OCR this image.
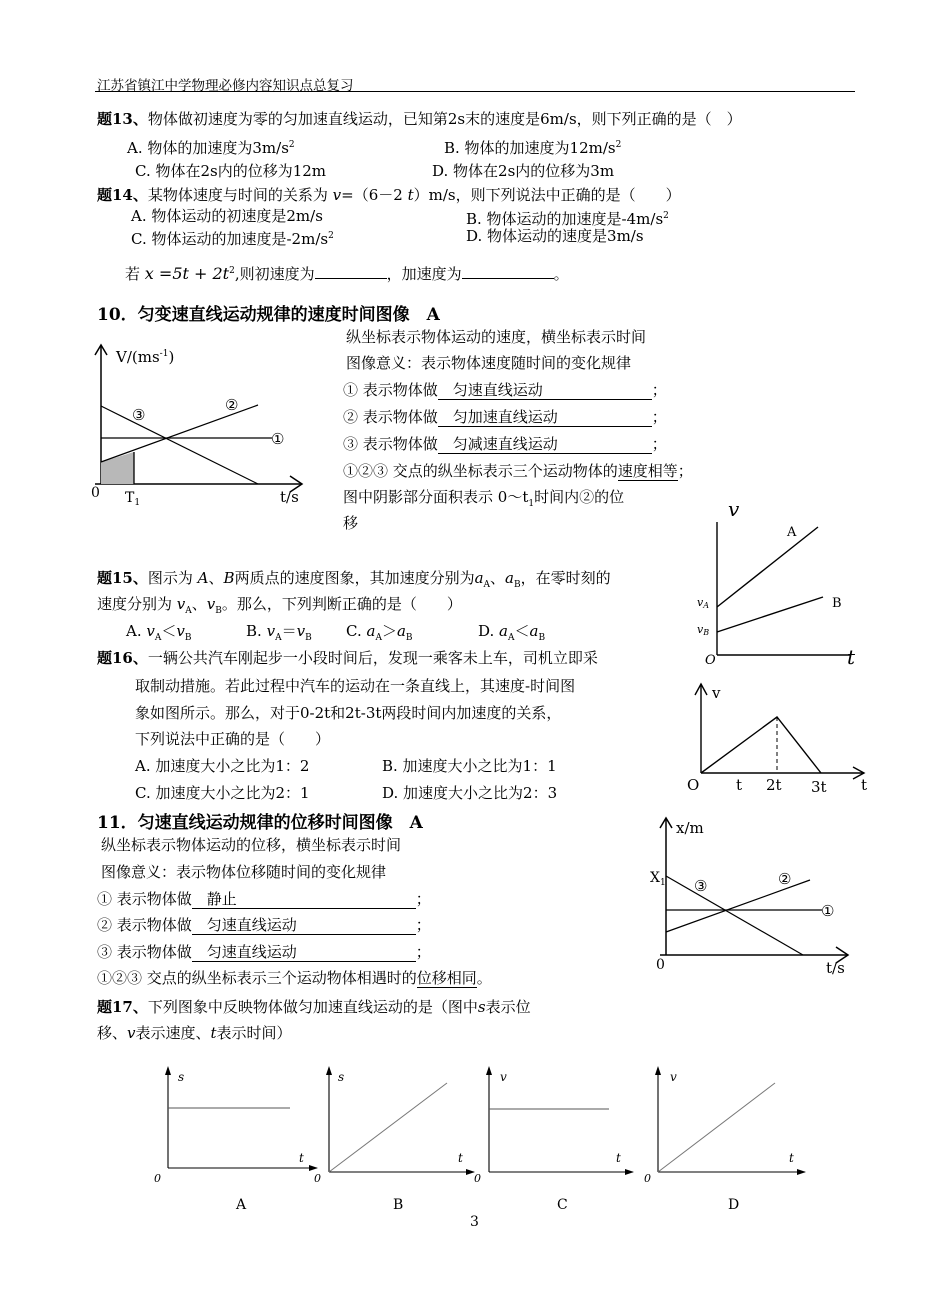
江苏省镇江中学物理必修内容知识点总复习
题13、物体做初速度为零的匀加速直线运动，已知第2s末的速度是6m/s，则下列正确的是（　）
A. 物体的加速度为$3m/s^2$	B. 物体的加速度为$12m/s^2$
C. 物体在2s内的位移为12m	D. 物体在2s内的位移为3m
题14、某物体速度与时间的关系为 v=（6－2 t）m/s，则下列说法中正确的是（　　）
A. 物体运动的初速度是2m/s	B. 物体运动的加速度是$-4m/s^2$
C. 物体运动的加速度是$-2m/s^2$	D. 物体运动的速度是3m/s
若 $x =5t + 2t^2$,则初速度为	，加速度为	。
10．匀变速直线运动规律的速度时间图像　A
纵坐标表示物体运动的速度，横坐标表示时间
图像意义：表示物体速度随时间的变化规律
① 表示物体做　 匀速直线运动	；
② 表示物体做　 匀加速直线运动	；
③ 表示物体做　 匀减速直线运动	；
①②③ 交点的纵坐标表示三个运动物体的速度相等；
图中阴影部分面积表示 $0\sim t_1$时间内②的位
移
$V/(ms^{-1})$
t/s
0 $T_1$
①
②
③
题15、图示为 A、B两质点的速度图象，其加速度分别为$a_A$、$a_B$，在零时刻的
速度分别为 $v_A$、$v_B$。那么，下列判断正确的是（　　）
A. $v_A<v_B$	B. $v_A=v_B$ C. $a_A>a_B$	D. $a_A<a_B$
v
t
O
A
B
vA
vB
题16、一辆公共汽车刚起步一小段时间后，发现一乘客未上车，司机立即采
取制动措施。若此过程中汽车的运动在一条直线上，其速度-时间图
象如图所示。那么，对于0-2t和2t-3t两段时间内加速度的关系，
下列说法中正确的是（　　）
A. 加速度大小之比为1：2	B. 加速度大小之比为1：1
C. 加速度大小之比为2：1	D. 加速度大小之比为2：3
v
t
O t 2t 3t
11．匀速直线运动规律的位移时间图像　A
纵坐标表示物体运动的位移，横坐标表示时间
图像意义：表示物体位移随时间的变化规律
① 表示物体做　 静止	；
② 表示物体做　 匀速直线运动	；
③ 表示物体做　 匀速直线运动	；
①②③ 交点的纵坐标表示三个运动物体相遇时的位移相同。
x/m
t/s
0
$X_1$
①
②
③
题17、下列图象中反映物体做匀加速直线运动的是（图中s表示位
移、v表示速度、t表示时间）
s
t
0
A
s
t
0
B
v
t
0
C
v
t
0
D
3
